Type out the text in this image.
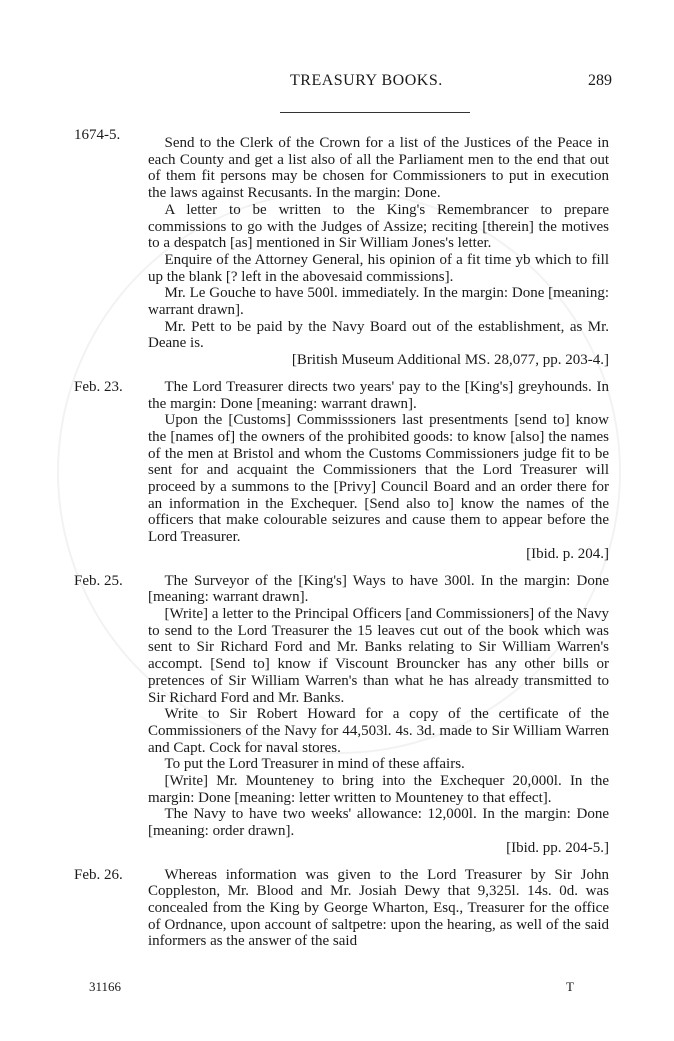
TREASURY BOOKS.	289
1674-5.	Send to the Clerk of the Crown for a list of the Justices of the Peace in each County and get a list also of all the Parliament men to the end that out of them fit persons may be chosen for Commissioners to put in execution the laws against Recusants. In the margin: Done.

A letter to be written to the King's Remembrancer to prepare commissions to go with the Judges of Assize; reciting [therein] the motives to a despatch [as] mentioned in Sir William Jones's letter.

Enquire of the Attorney General, his opinion of a fit time yb which to fill up the blank [? left in the abovesaid commissions].

Mr. Le Gouche to have 500l. immediately. In the margin: Done [meaning: warrant drawn].

Mr. Pett to be paid by the Navy Board out of the establishment, as Mr. Deane is.

[British Museum Additional MS. 28,077, pp. 203-4.]

Feb. 23.	The Lord Treasurer directs two years' pay to the [King's] greyhounds. In the margin: Done [meaning: warrant drawn].

Upon the [Customs] Commisssioners last presentments [send to] know the [names of] the owners of the prohibited goods: to know [also] the names of the men at Bristol and whom the Customs Commissioners judge fit to be sent for and acquaint the Commissioners that the Lord Treasurer will proceed by a summons to the [Privy] Council Board and an order there for an information in the Exchequer. [Send also to] know the names of the officers that make colourable seizures and cause them to appear before the Lord Treasurer.

[Ibid. p. 204.]

Feb. 25.	The Surveyor of the [King's] Ways to have 300l. In the margin: Done [meaning: warrant drawn].

[Write] a letter to the Principal Officers [and Commissioners] of the Navy to send to the Lord Treasurer the 15 leaves cut out of the book which was sent to Sir Richard Ford and Mr. Banks relating to Sir William Warren's accompt. [Send to] know if Viscount Brouncker has any other bills or pretences of Sir William Warren's than what he has already transmitted to Sir Richard Ford and Mr. Banks.

Write to Sir Robert Howard for a copy of the certificate of the Commissioners of the Navy for 44,503l. 4s. 3d. made to Sir William Warren and Capt. Cock for naval stores.

To put the Lord Treasurer in mind of these affairs.

[Write] Mr. Mounteney to bring into the Exchequer 20,000l. In the margin: Done [meaning: letter written to Mounteney to that effect].

The Navy to have two weeks' allowance: 12,000l. In the margin: Done [meaning: order drawn].

[Ibid. pp. 204-5.]

Feb. 26.	Whereas information was given to the Lord Treasurer by Sir John Coppleston, Mr. Blood and Mr. Josiah Dewy that 9,325l. 14s. 0d. was concealed from the King by George Wharton, Esq., Treasurer for the office of Ordnance, upon account of saltpetre: upon the hearing, as well of the said informers as the answer of the said

31166	T
